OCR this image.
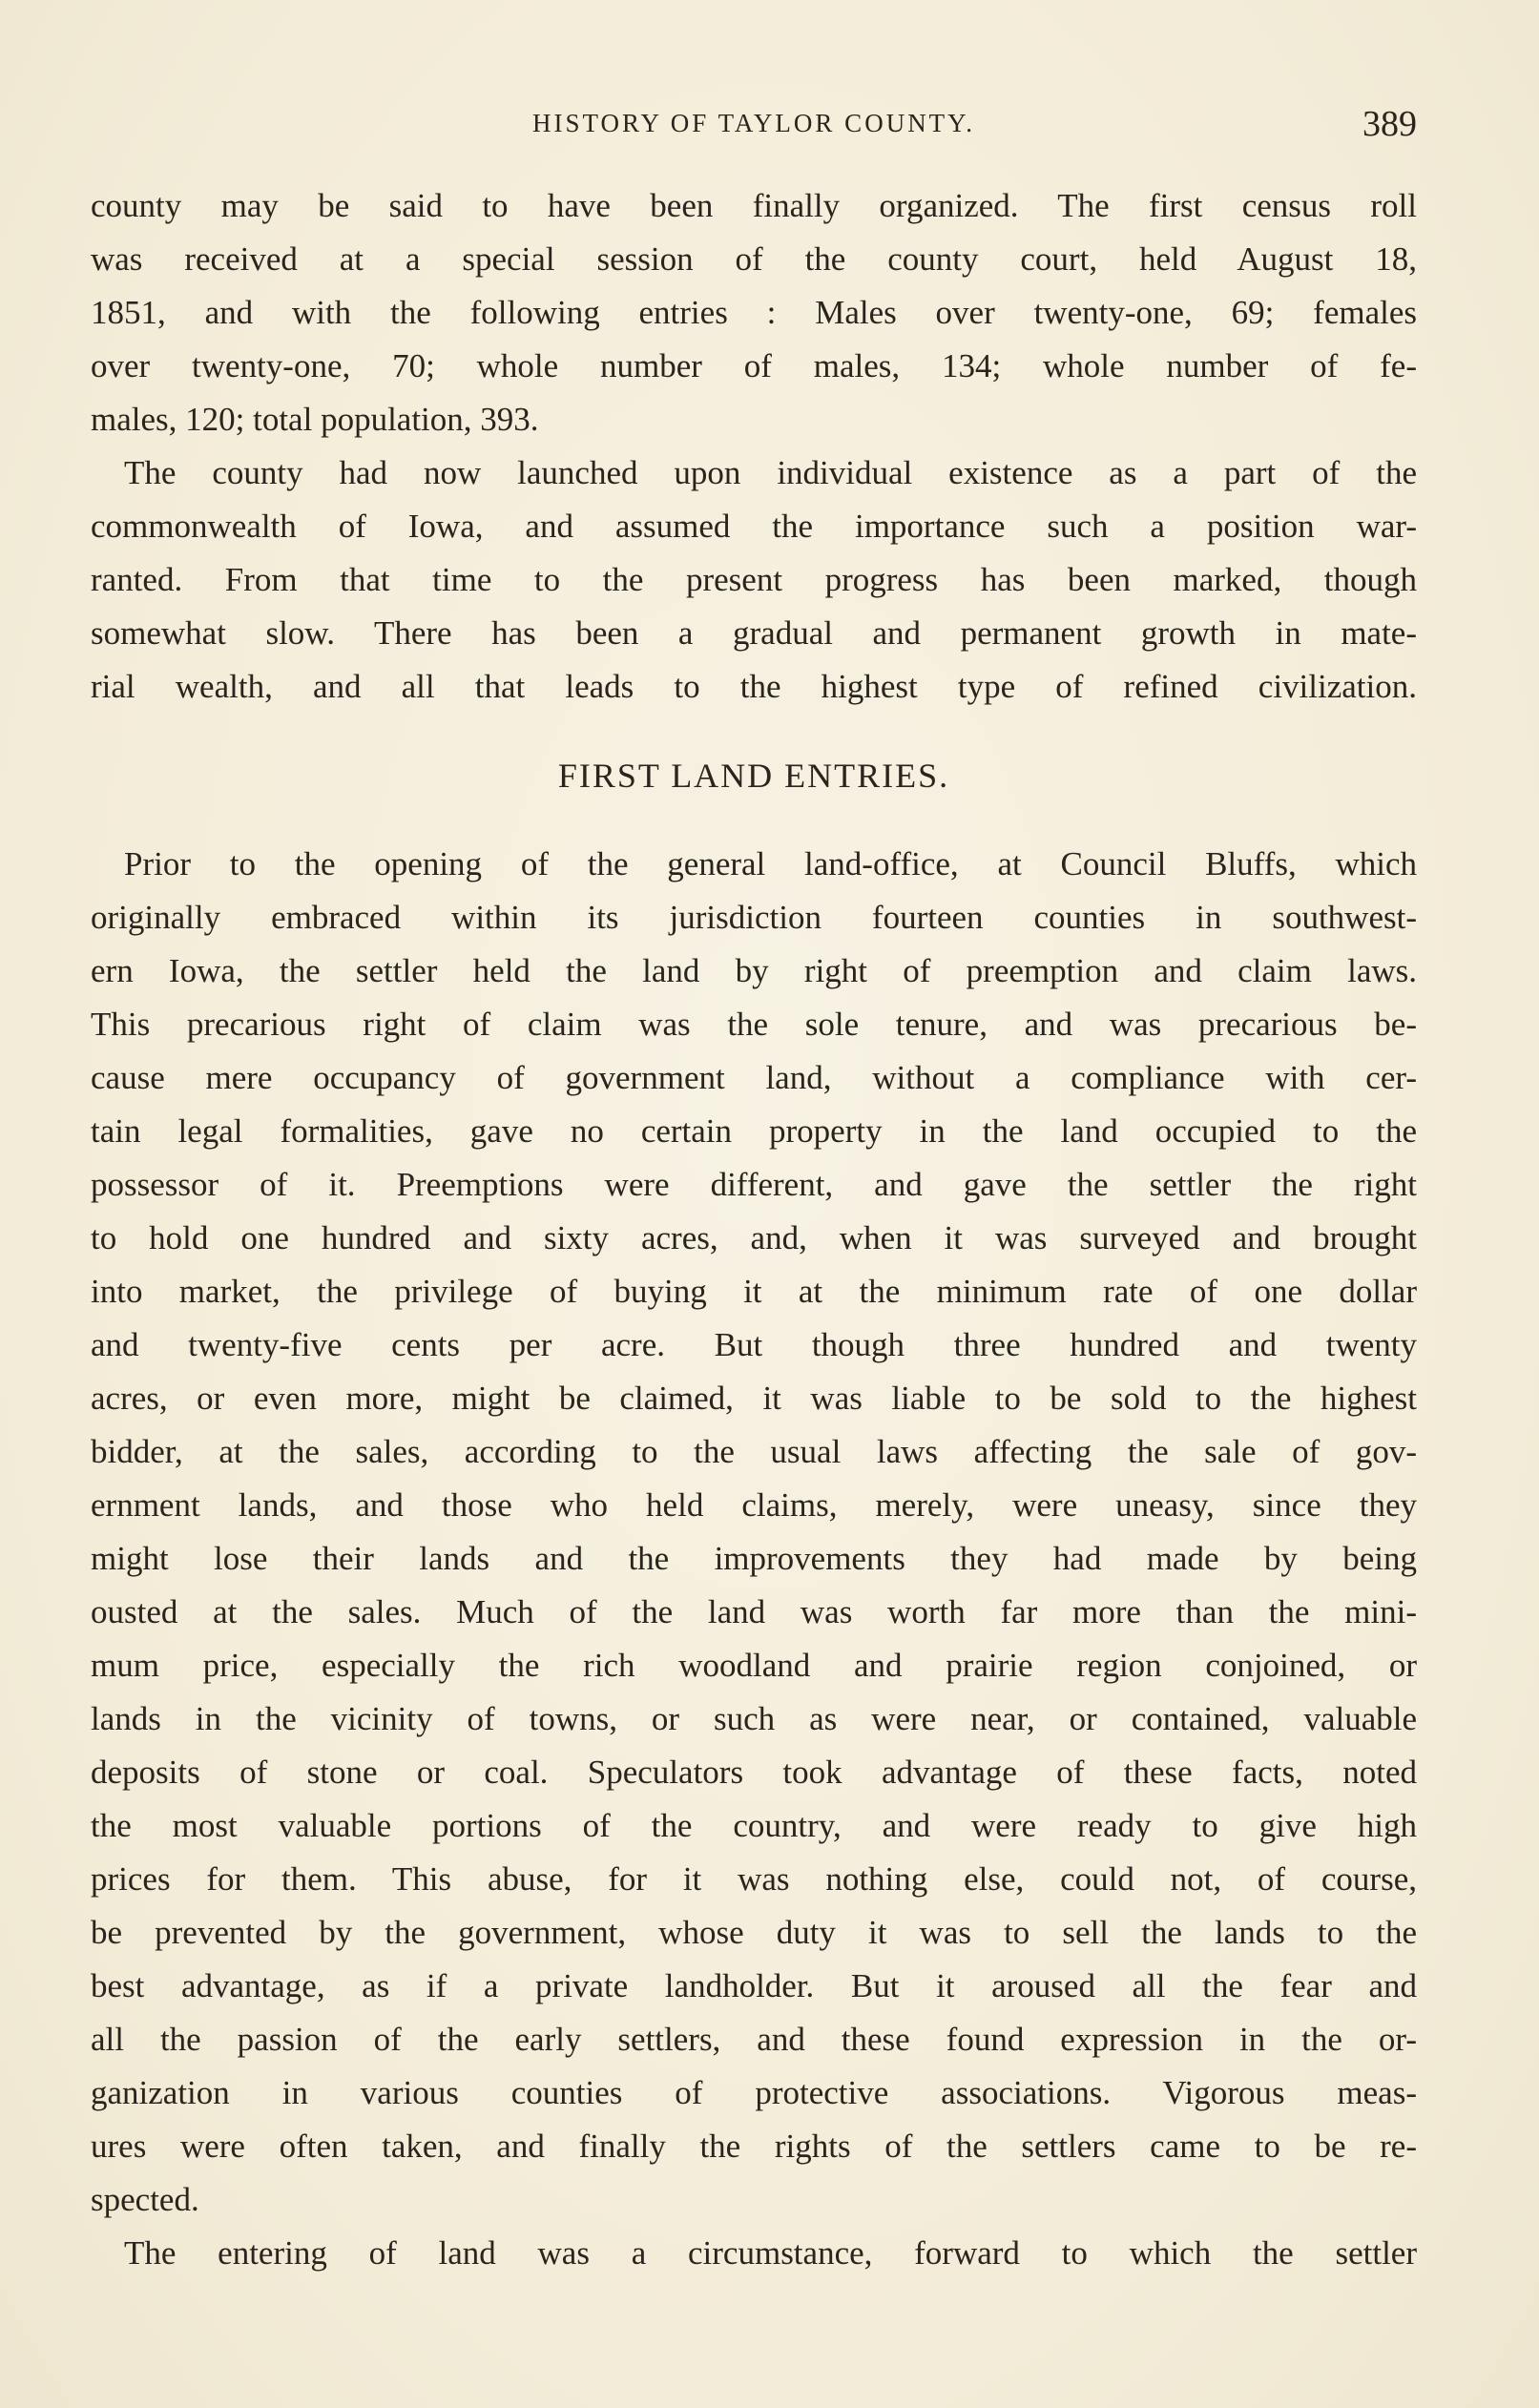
HISTORY OF TAYLOR COUNTY.	389
county may be said to have been finally organized. The first census roll
was received at a special session of the county court, held August 18,
1851, and with the following entries : Males over twenty-one, 69; females
over twenty-one, 70; whole number of males, 134; whole number of fe-
males, 120; total population, 393.
The county had now launched upon individual existence as a part of the
commonwealth of Iowa, and assumed the importance such a position war-
ranted. From that time to the present progress has been marked, though
somewhat slow. There has been a gradual and permanent growth in mate-
rial wealth, and all that leads to the highest type of refined civilization.
FIRST LAND ENTRIES.
Prior to the opening of the general land-office, at Council Bluffs, which
originally embraced within its jurisdiction fourteen counties in southwest-
ern Iowa, the settler held the land by right of preemption and claim laws.
This precarious right of claim was the sole tenure, and was precarious be-
cause mere occupancy of government land, without a compliance with cer-
tain legal formalities, gave no certain property in the land occupied to the
possessor of it. Preemptions were different, and gave the settler the right
to hold one hundred and sixty acres, and, when it was surveyed and brought
into market, the privilege of buying it at the minimum rate of one dollar
and twenty-five cents per acre. But though three hundred and twenty
acres, or even more, might be claimed, it was liable to be sold to the highest
bidder, at the sales, according to the usual laws affecting the sale of gov-
ernment lands, and those who held claims, merely, were uneasy, since they
might lose their lands and the improvements they had made by being
ousted at the sales. Much of the land was worth far more than the mini-
mum price, especially the rich woodland and prairie region conjoined, or
lands in the vicinity of towns, or such as were near, or contained, valuable
deposits of stone or coal. Speculators took advantage of these facts, noted
the most valuable portions of the country, and were ready to give high
prices for them. This abuse, for it was nothing else, could not, of course,
be prevented by the government, whose duty it was to sell the lands to the
best advantage, as if a private landholder. But it aroused all the fear and
all the passion of the early settlers, and these found expression in the or-
ganization in various counties of protective associations. Vigorous meas-
ures were often taken, and finally the rights of the settlers came to be re-
spected.
The entering of land was a circumstance, forward to which the settler
